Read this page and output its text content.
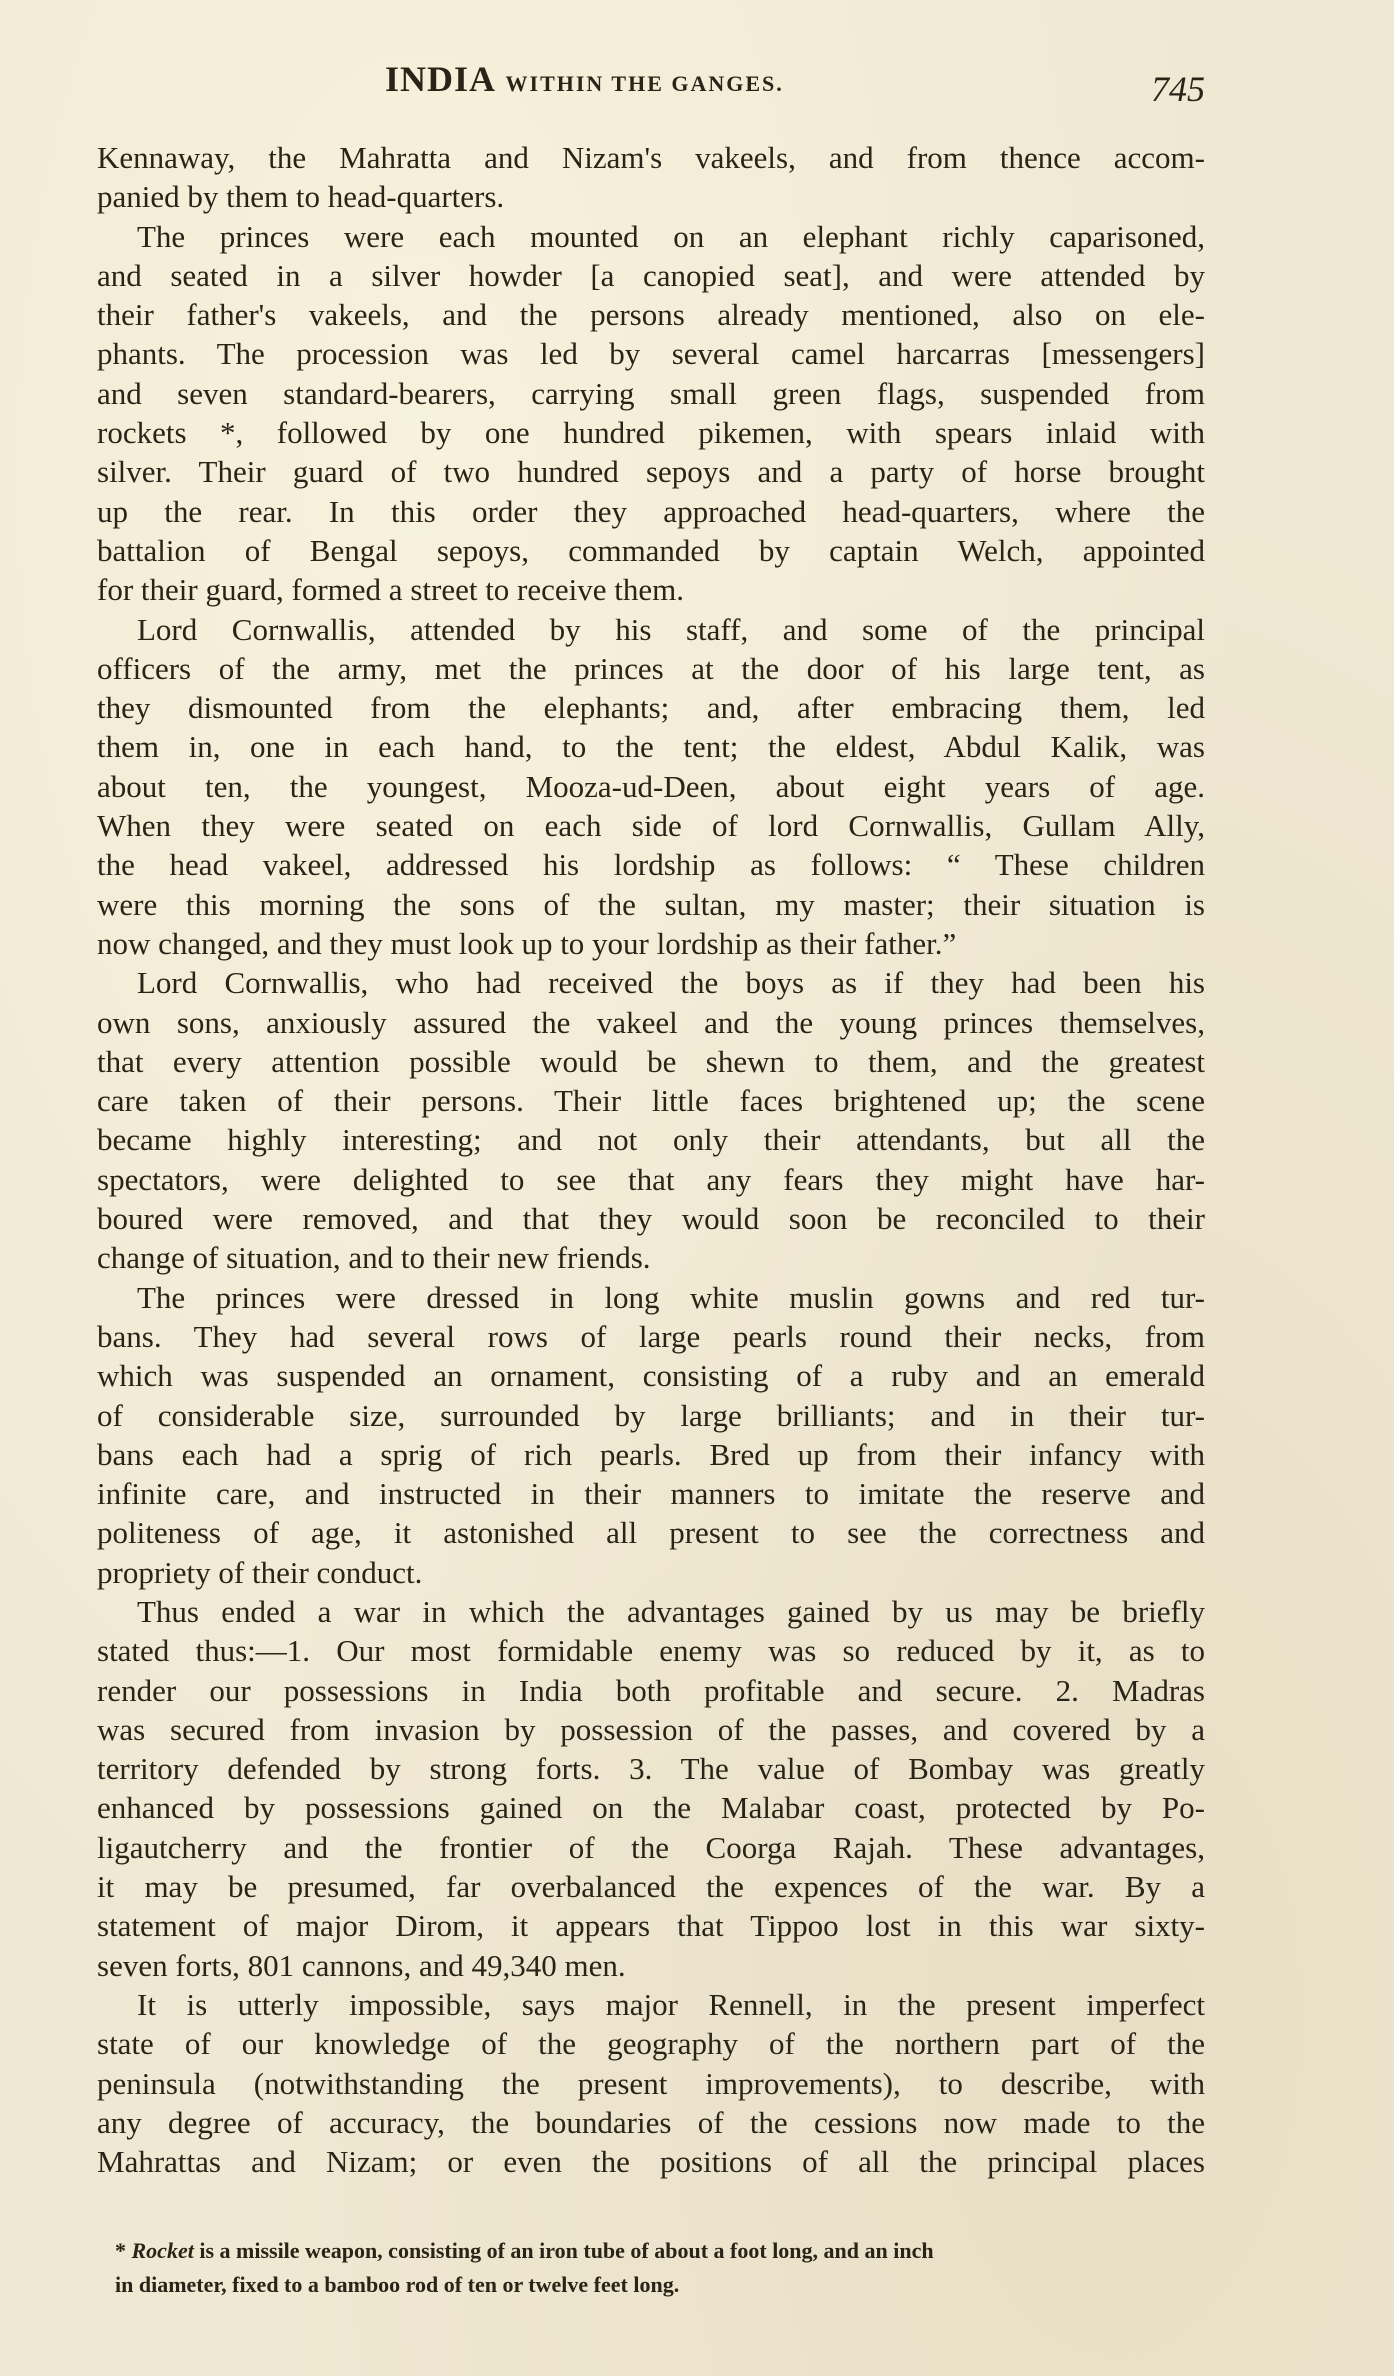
INDIA WITHIN THE GANGES.	745
Kennaway, the Mahratta and Nizam's vakeels, and from thence accom-
panied by them to head-quarters.
The princes were each mounted on an elephant richly caparisoned,
and seated in a silver howder [a canopied seat], and were attended by
their father's vakeels, and the persons already mentioned, also on ele-
phants. The procession was led by several camel harcarras [messengers]
and seven standard-bearers, carrying small green flags, suspended from
rockets *, followed by one hundred pikemen, with spears inlaid with
silver. Their guard of two hundred sepoys and a party of horse brought
up the rear. In this order they approached head-quarters, where the
battalion of Bengal sepoys, commanded by captain Welch, appointed
for their guard, formed a street to receive them.
Lord Cornwallis, attended by his staff, and some of the principal
officers of the army, met the princes at the door of his large tent, as
they dismounted from the elephants; and, after embracing them, led
them in, one in each hand, to the tent; the eldest, Abdul Kalik, was
about ten, the youngest, Mooza-ud-Deen, about eight years of age.
When they were seated on each side of lord Cornwallis, Gullam Ally,
the head vakeel, addressed his lordship as follows: “ These children
were this morning the sons of the sultan, my master; their situation is
now changed, and they must look up to your lordship as their father.”
Lord Cornwallis, who had received the boys as if they had been his
own sons, anxiously assured the vakeel and the young princes themselves,
that every attention possible would be shewn to them, and the greatest
care taken of their persons. Their little faces brightened up; the scene
became highly interesting; and not only their attendants, but all the
spectators, were delighted to see that any fears they might have har-
boured were removed, and that they would soon be reconciled to their
change of situation, and to their new friends.
The princes were dressed in long white muslin gowns and red tur-
bans. They had several rows of large pearls round their necks, from
which was suspended an ornament, consisting of a ruby and an emerald
of considerable size, surrounded by large brilliants; and in their tur-
bans each had a sprig of rich pearls. Bred up from their infancy with
infinite care, and instructed in their manners to imitate the reserve and
politeness of age, it astonished all present to see the correctness and
propriety of their conduct.
Thus ended a war in which the advantages gained by us may be briefly
stated thus:—1. Our most formidable enemy was so reduced by it, as to
render our possessions in India both profitable and secure. 2. Madras
was secured from invasion by possession of the passes, and covered by a
territory defended by strong forts. 3. The value of Bombay was greatly
enhanced by possessions gained on the Malabar coast, protected by Po-
ligautcherry and the frontier of the Coorga Rajah. These advantages,
it may be presumed, far overbalanced the expences of the war. By a
statement of major Dirom, it appears that Tippoo lost in this war sixty-
seven forts, 801 cannons, and 49,340 men.
It is utterly impossible, says major Rennell, in the present imperfect
state of our knowledge of the geography of the northern part of the
peninsula (notwithstanding the present improvements), to describe, with
any degree of accuracy, the boundaries of the cessions now made to the
Mahrattas and Nizam; or even the positions of all the principal places
* Rocket is a missile weapon, consisting of an iron tube of about a foot long, and an inch
in diameter, fixed to a bamboo rod of ten or twelve feet long.
